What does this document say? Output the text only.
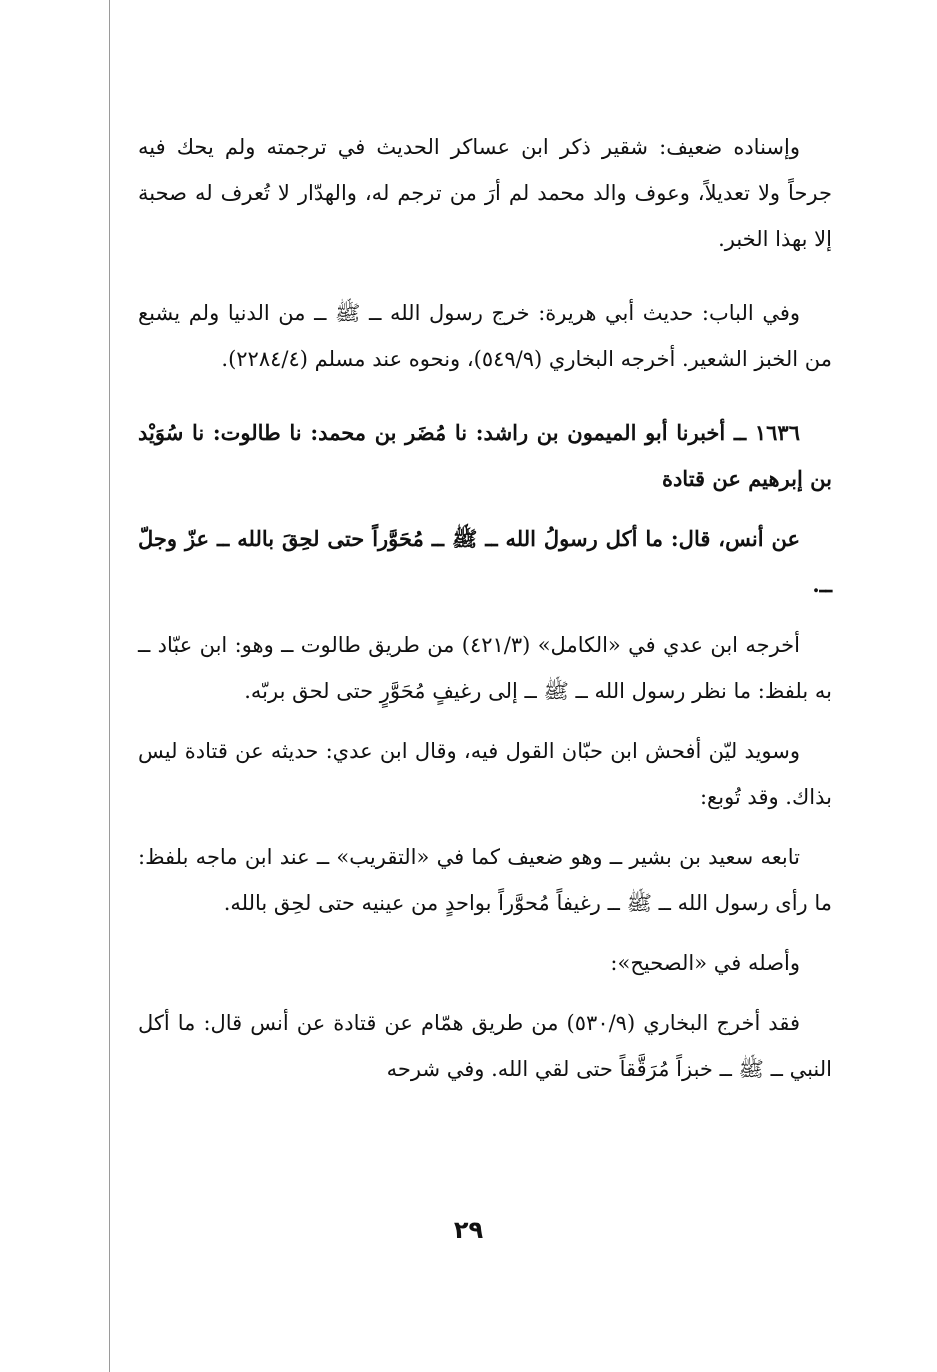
وإسناده ضعيف: شقير ذكر ابن عساكر الحديث في ترجمته ولم يحك فيه جرحاً ولا تعديلاً، وعوف والد محمد لم أرَ من ترجم له، والهدّار لا تُعرف له صحبة إلا بهذا الخبر.

وفي الباب: حديث أبي هريرة: خرج رسول الله ــ ﷺ ــ من الدنيا ولم يشبع من الخبز الشعير. أخرجه البخاري (٥٤٩/٩)، ونحوه عند مسلم (٢٢٨٤/٤).

١٦٣٦ ــ أخبرنا أبو الميمون بن راشد: نا مُضَر بن محمد: نا طالوت: نا سُوَيْد بن إبرهيم عن قتادة

عن أنس، قال: ما أكل رسولُ الله ــ ﷺ ــ مُحَوَّراً حتى لحِقَ بالله ــ عزّ وجلّ ــ.

أخرجه ابن عدي في «الكامل» (٤٢١/٣) من طريق طالوت ــ وهو: ابن عبّاد ــ به بلفظ: ما نظر رسول الله ــ ﷺ ــ إلى رغيفٍ مُحَوَّرٍ حتى لحق بربّه.

وسويد ليّن أفحش ابن حبّان القول فيه، وقال ابن عدي: حديثه عن قتادة ليس بذاك. وقد تُوبع:

تابعه سعيد بن بشير ــ وهو ضعيف كما في «التقريب» ــ عند ابن ماجه بلفظ: ما رأى رسول الله ــ ﷺ ــ رغيفاً مُحوَّراً بواحدٍ من عينيه حتى لحِق بالله.

وأصله في «الصحيح»:

فقد أخرج البخاري (٥٣٠/٩) من طريق همّام عن قتادة عن أنس قال: ما أكل النبي ــ ﷺ ــ خبزاً مُرَقَّقاً حتى لقي الله. وفي شرحه

٢٩
